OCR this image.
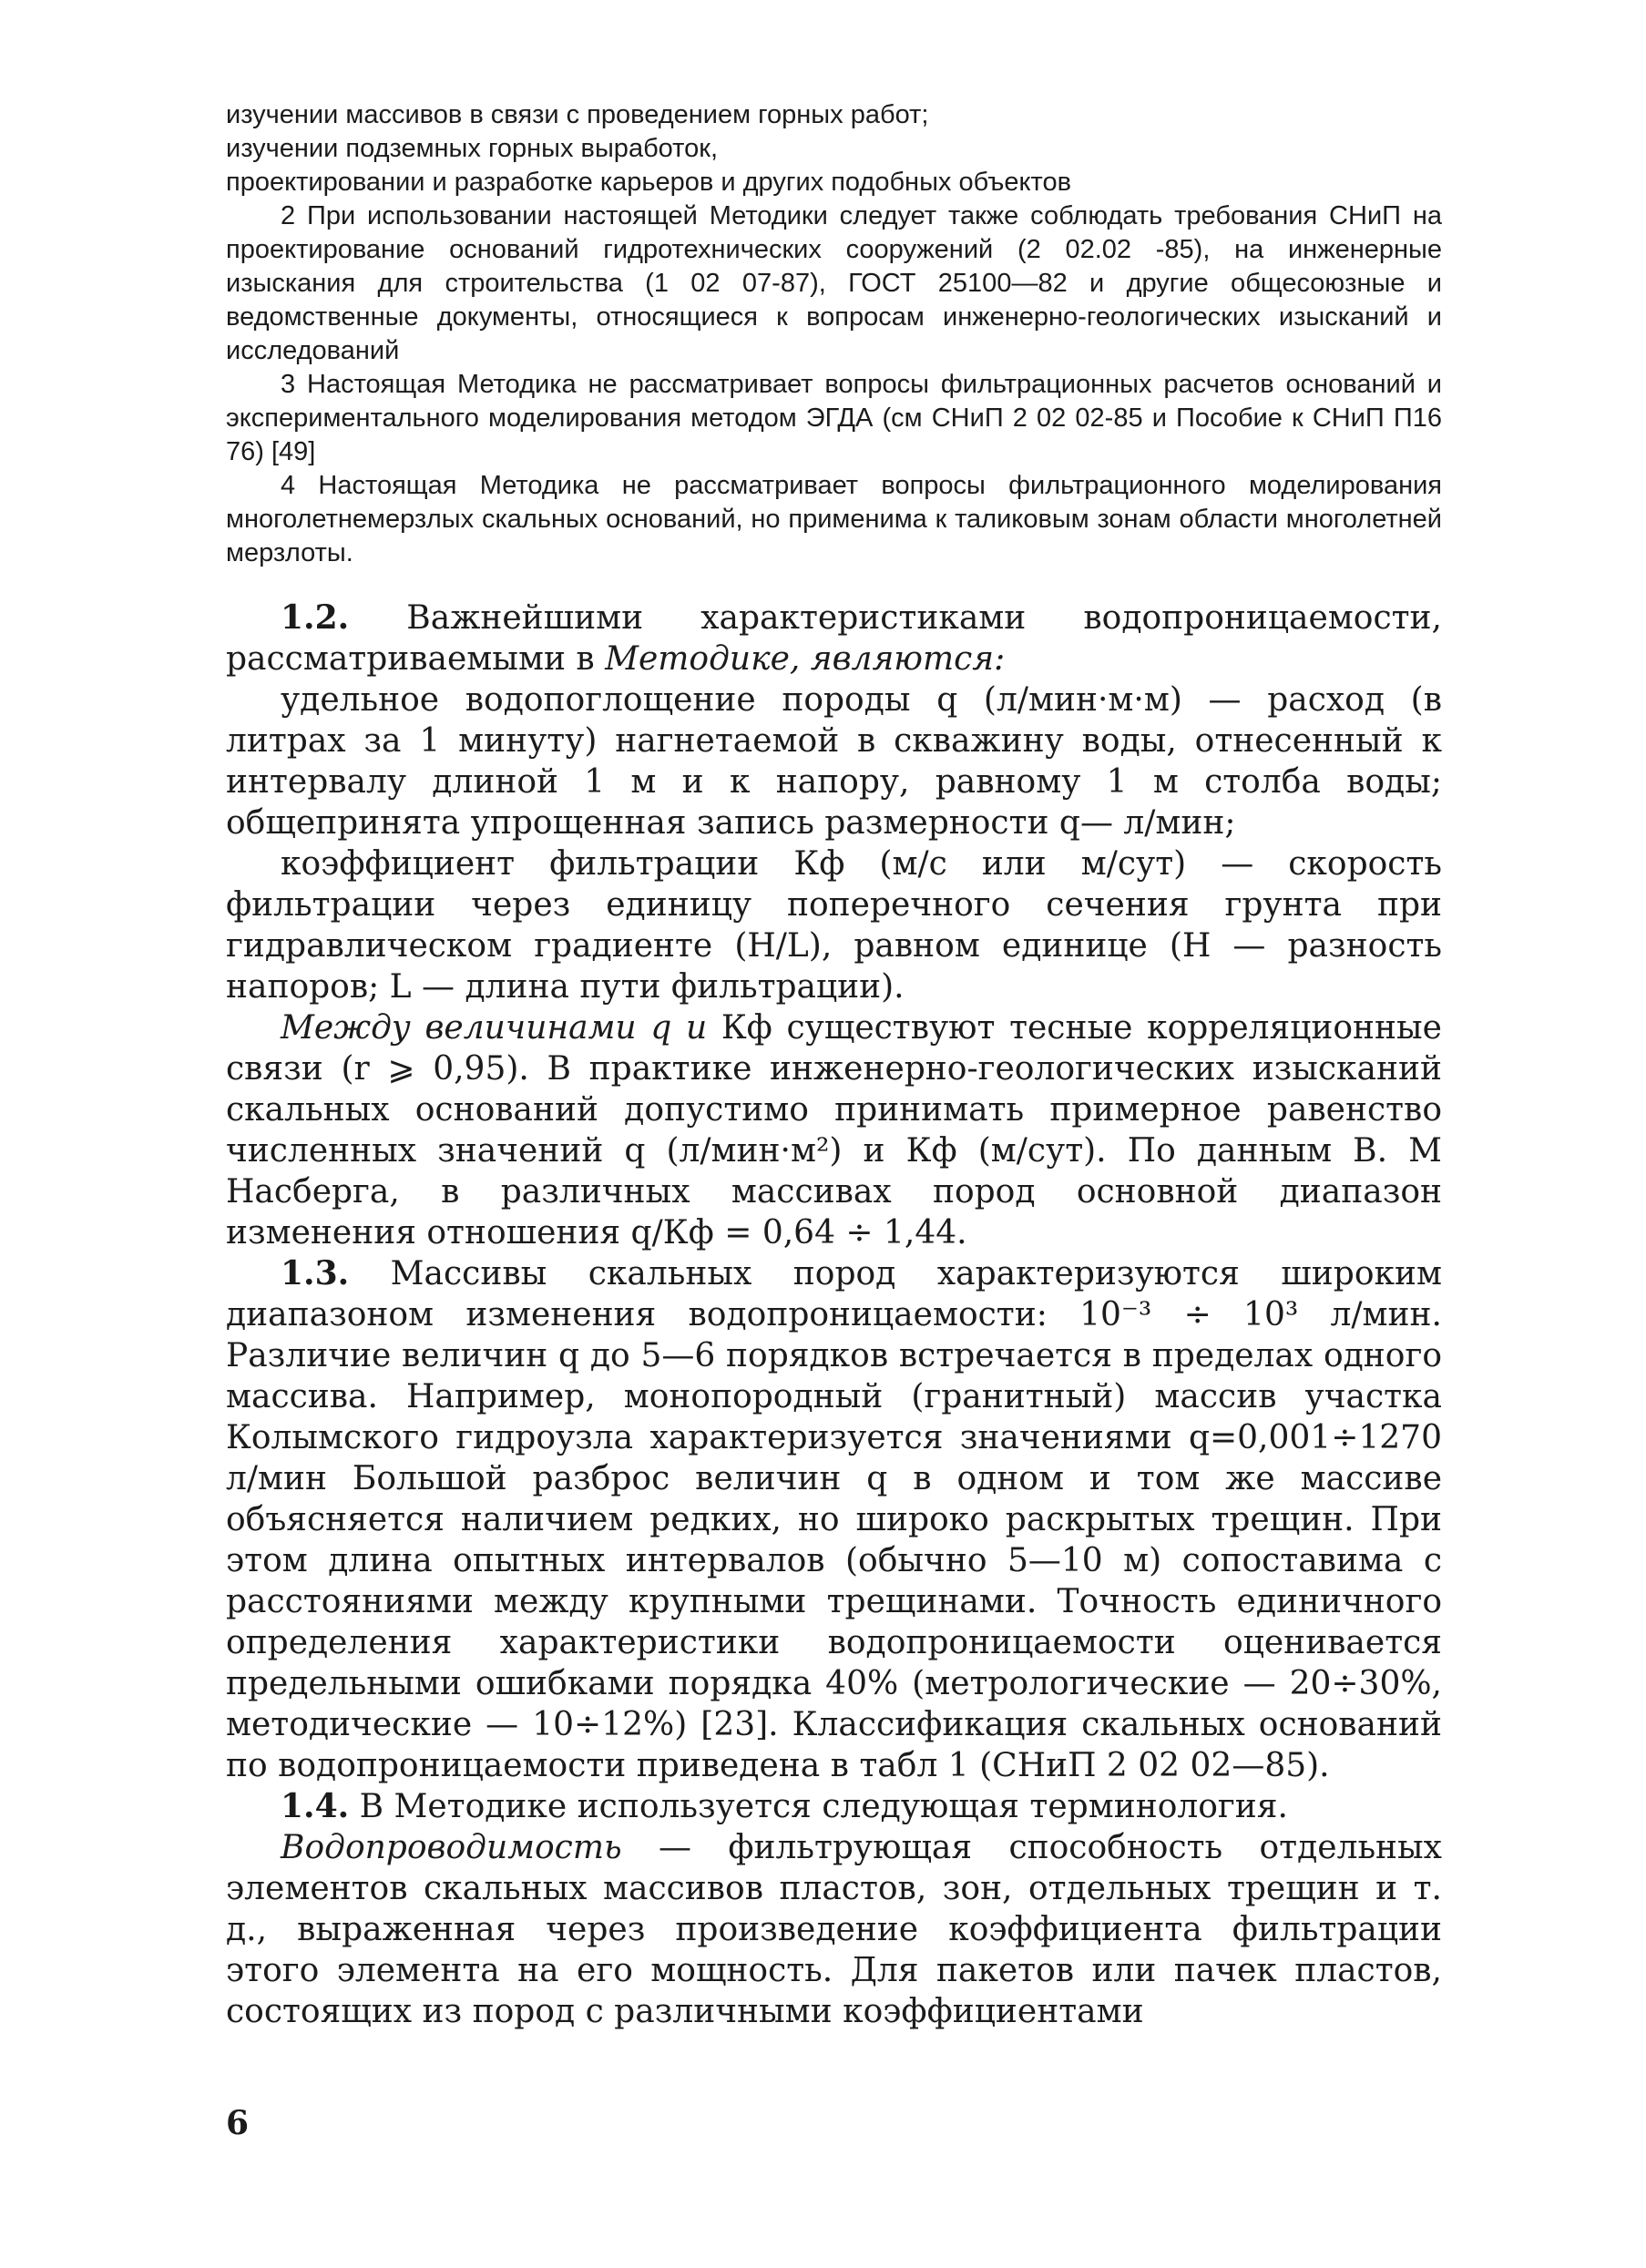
изучении массивов в связи с проведением горных работ;

изучении подземных горных выработок,

проектировании и разработке карьеров и других подобных объектов

2 При использовании настоящей Методики следует также соблюдать требования СНиП на проектирование оснований гидротехнических сооружений (2 02.02 -85), на инженерные изыскания для строительства (1 02 07-87), ГОСТ 25100—82 и другие общесоюзные и ведомственные документы, относящиеся к вопросам инженерно-геологических изысканий и исследований

3 Настоящая Методика не рассматривает вопросы фильтрационных расчетов оснований и экспериментального моделирования методом ЭГДА (см СНиП 2 02 02-85 и Пособие к СНиП П16 76) [49]

4 Настоящая Методика не рассматривает вопросы фильтрационного моделирования многолетнемерзлых скальных оснований, но применима к таликовым зонам области многолетней мерзлоты.

1.2. Важнейшими характеристиками водопроницаемости, рассматриваемыми в Методике, являются:

удельное водопоглощение породы q (л/мин·м·м) — расход (в литрах за 1 минуту) нагнетаемой в скважину воды, отнесенный к интервалу длиной 1 м и к напору, равному 1 м столба воды; общепринята упрощенная запись размерности q— л/мин;

коэффициент фильтрации Кф (м/с или м/сут) — скорость фильтрации через единицу поперечного сечения грунта при гидравлическом градиенте (H/L), равном единице (H — разность напоров; L — длина пути фильтрации).

Между величинами q и Кф существуют тесные корреляционные связи (r ⩾ 0,95). В практике инженерно-геологических изысканий скальных оснований допустимо принимать примерное равенство численных значений q (л/мин·м²) и Кф (м/сут). По данным В. М Насберга, в различных массивах пород основной диапазон изменения отношения q/Кф = 0,64 ÷ 1,44.

1.3. Массивы скальных пород характеризуются широким диапазоном изменения водопроницаемости: 10⁻³ ÷ 10³ л/мин. Различие величин q до 5—6 порядков встречается в пределах одного массива. Например, монопородный (гранитный) массив участка Колымского гидроузла характеризуется значениями q=0,001÷1270 л/мин Большой разброс величин q в одном и том же массиве объясняется наличием редких, но широко раскрытых трещин. При этом длина опытных интервалов (обычно 5—10 м) сопоставима с расстояниями между крупными трещинами. Точность единичного определения характеристики водопроницаемости оценивается предельными ошибками порядка 40% (метрологические — 20÷30%, методические — 10÷12%) [23]. Классификация скальных оснований по водопроницаемости приведена в табл 1 (СНиП 2 02 02—85).

1.4. В Методике используется следующая терминология.

Водопроводимость — фильтрующая способность отдельных элементов скальных массивов пластов, зон, отдельных трещин и т. д., выраженная через произведение коэффициента фильтрации этого элемента на его мощность. Для пакетов или пачек пластов, состоящих из пород с различными коэффициентами

6
